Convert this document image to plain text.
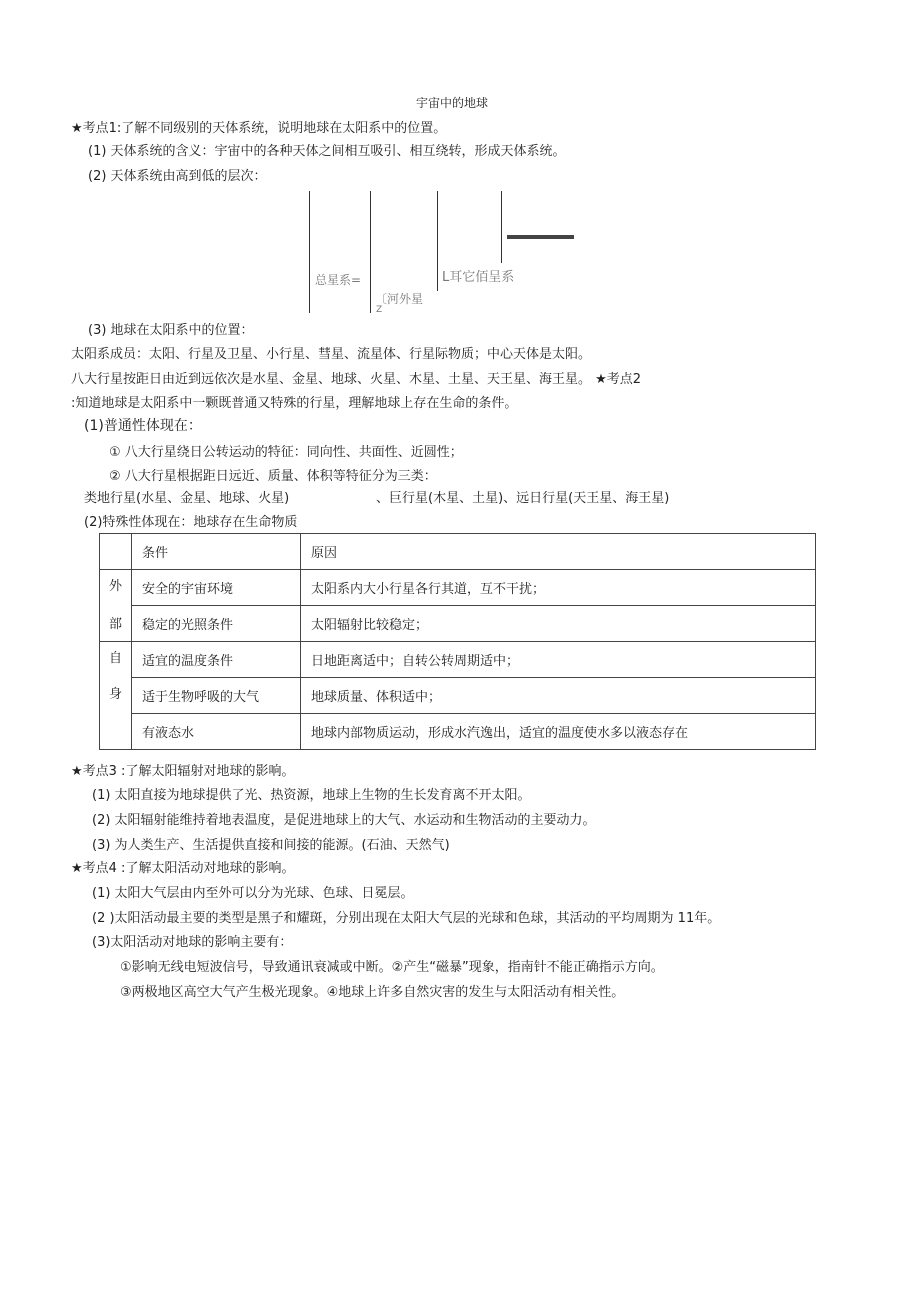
宇宙中的地球
★考点1:了解不同级别的天体系统，说明地球在太阳系中的位置。
(1) 天体系统的含义：宇宙中的各种天体之间相互吸引、相互绕转，形成天体系统。
(2) 天体系统由高到低的层次：
总星系=
〔 河外星
Z
L耳它佰呈系
(3) 地球在太阳系中的位置：
太阳系成员：太阳、行星及卫星、小行星、彗星、流星体、行星际物质；中心天体是太阳。
八大行星按距日由近到远依次是水星、金星、地球、火星、木星、土星、天王星、海王星。 ★考点2
:知道地球是太阳系中一颗既普通又特殊的行星，理解地球上存在生命的条件。
(1)普通性体现在：
① 八大行星绕日公转运动的特征：同向性、共面性、近圆性；
② 八大行星根据距日远近、质量、体积等特征分为三类：
类地行星(水星、金星、地球、火星)	、巨行星(木星、土星)、远日行星(天王星、海王星)
(2)特殊性体现在：地球存在生命物质
	条件	原因

外
部	安全的宇宙环境	太阳系内大小行星各行其道，互不干扰；
	稳定的光照条件	太阳辐射比较稳定；

自
身	适宜的温度条件	日地距离适中；自转公转周期适中；
	适于生物呼吸的大气	地球质量、体积适中；
	有液态水	地球内部物质运动，形成水汽逸出，适宜的温度使水多以液态存在
★考点3 :了解太阳辐射对地球的影响。
(1) 太阳直接为地球提供了光、热资源，地球上生物的生长发育离不开太阳。
(2) 太阳辐射能维持着地表温度，是促进地球上的大气、水运动和生物活动的主要动力。
(3) 为人类生产、生活提供直接和间接的能源。(石油、天然气)
★考点4 :了解太阳活动对地球的影响。
(1) 太阳大气层由内至外可以分为光球、色球、日冕层。
(2 )太阳活动最主要的类型是黑子和耀斑，分别出现在太阳大气层的光球和色球，其活动的平均周期为 11年。
(3)太阳活动对地球的影响主要有：
①影响无线电短波信号，导致通讯衰减或中断。②产生“磁暴”现象，指南针不能正确指示方向。
③两极地区高空大气产生极光现象。④地球上许多自然灾害的发生与太阳活动有相关性。
